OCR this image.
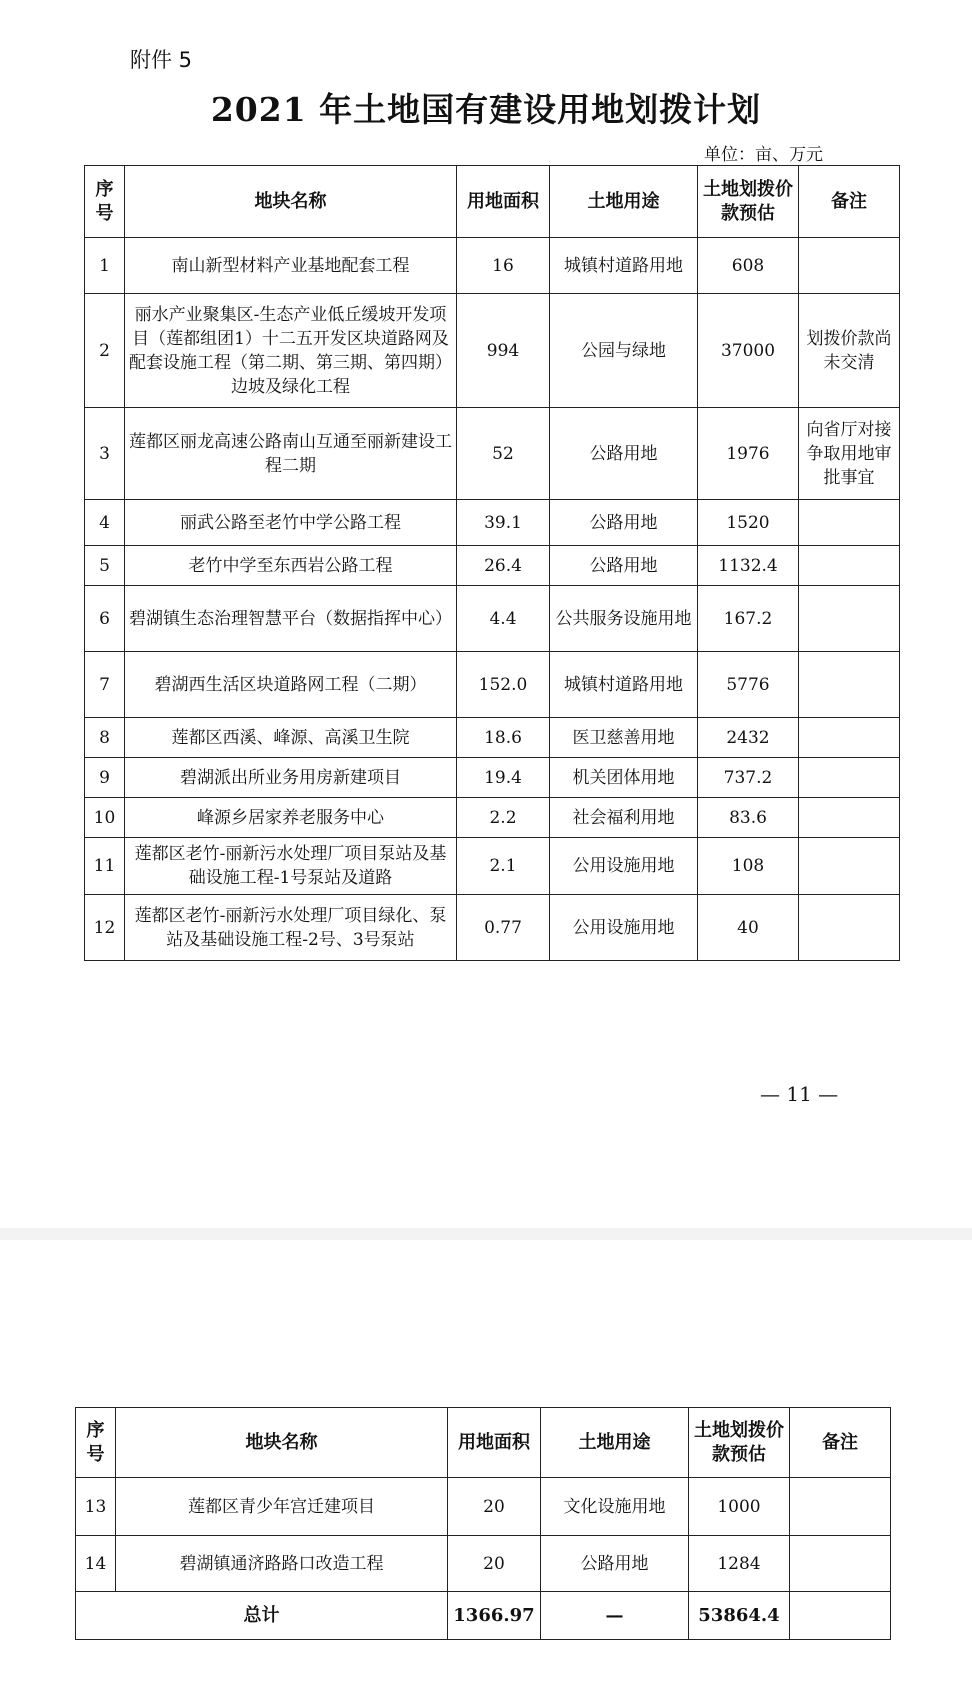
附件 5
2021 年土地国有建设用地划拨计划
单位：亩、万元
序号	地块名称	用地面积	土地用途	土地划拨价款预估	备注
1	南山新型材料产业基地配套工程	16	城镇村道路用地	608	
2	丽水产业聚集区-生态产业低丘缓坡开发项目（莲都组团1）十二五开发区块道路网及配套设施工程（第二期、第三期、第四期）边坡及绿化工程	994	公园与绿地	37000	划拨价款尚未交清
3	莲都区丽龙高速公路南山互通至丽新建设工程二期	52	公路用地	1976	向省厅对接争取用地审批事宜
4	丽武公路至老竹中学公路工程	39.1	公路用地	1520	
5	老竹中学至东西岩公路工程	26.4	公路用地	1132.4	
6	碧湖镇生态治理智慧平台（数据指挥中心）	4.4	公共服务设施用地	167.2	
7	碧湖西生活区块道路网工程（二期）	152.0	城镇村道路用地	5776	
8	莲都区西溪、峰源、高溪卫生院	18.6	医卫慈善用地	2432	
9	碧湖派出所业务用房新建项目	19.4	机关团体用地	737.2	
10	峰源乡居家养老服务中心	2.2	社会福利用地	83.6	
11	莲都区老竹-丽新污水处理厂项目泵站及基础设施工程-1号泵站及道路	2.1	公用设施用地	108	
12	莲都区老竹-丽新污水处理厂项目绿化、泵站及基础设施工程-2号、3号泵站	0.77	公用设施用地	40	
— 11 —
序号	地块名称	用地面积	土地用途	土地划拨价款预估	备注
13	莲都区青少年宫迁建项目	20	文化设施用地	1000	
14	碧湖镇通济路路口改造工程	20	公路用地	1284	
总计		1366.97	—	53864.4	
